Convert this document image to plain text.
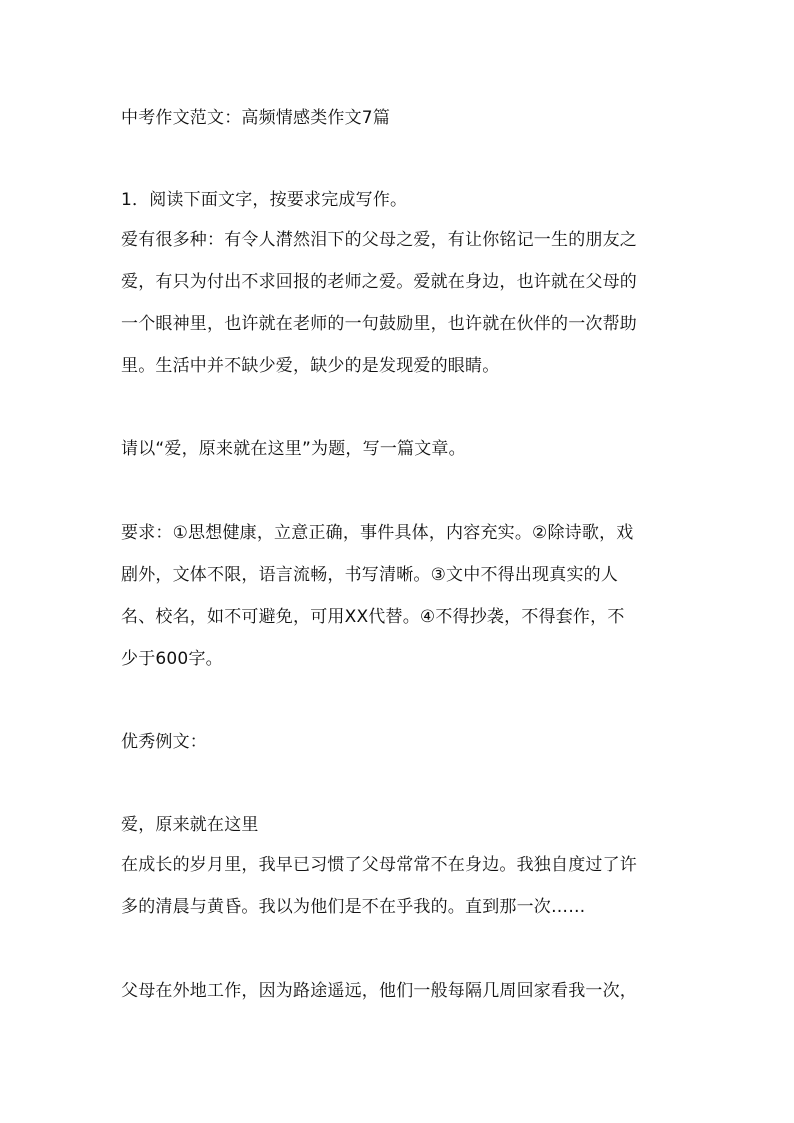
中考作文范文：高频情感类作文7篇
1．阅读下面文字，按要求完成写作。
爱有很多种：有令人潸然泪下的父母之爱，有让你铭记一生的朋友之
爱，有只为付出不求回报的老师之爱。爱就在身边，也许就在父母的
一个眼神里，也许就在老师的一句鼓励里，也许就在伙伴的一次帮助
里。生活中并不缺少爱，缺少的是发现爱的眼睛。
请以“爱，原来就在这里”为题，写一篇文章。
要求：①思想健康，立意正确，事件具体，内容充实。②除诗歌，戏
剧外，文体不限，语言流畅，书写清晰。③文中不得出现真实的人
名、校名，如不可避免，可用XX代替。④不得抄袭，不得套作，不
少于600字。
优秀例文：
爱，原来就在这里
在成长的岁月里，我早已习惯了父母常常不在身边。我独自度过了许
多的清晨与黄昏。我以为他们是不在乎我的。直到那一次……
父母在外地工作，因为路途遥远，他们一般每隔几周回家看我一次，
